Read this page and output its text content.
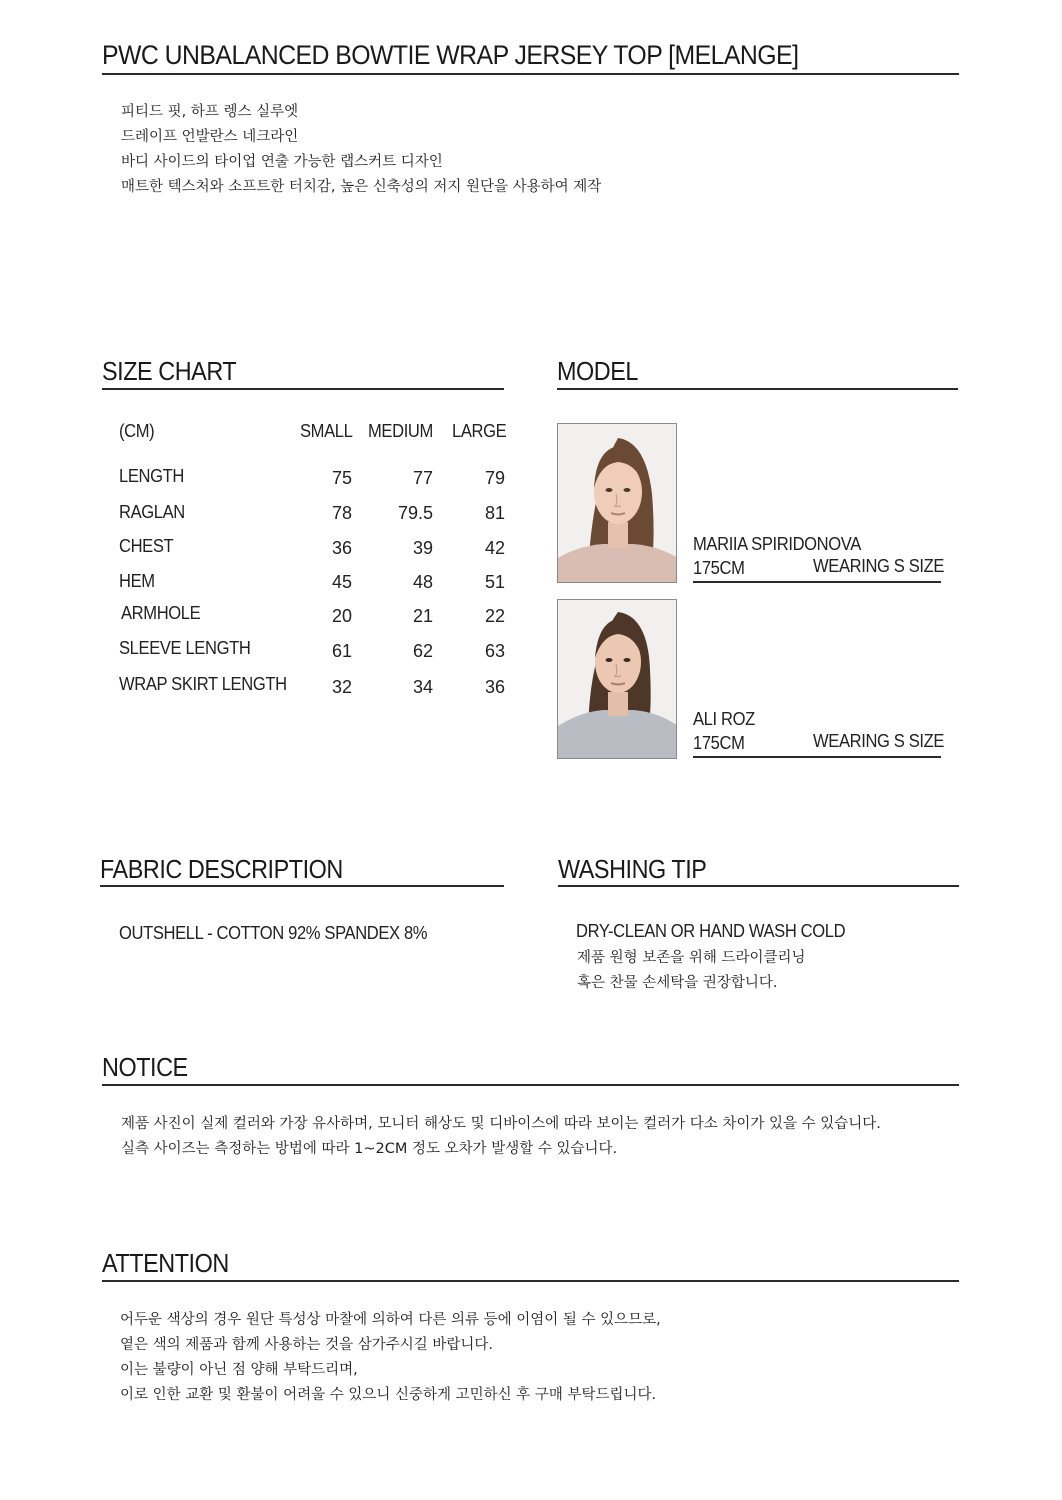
PWC UNBALANCED BOWTIE WRAP JERSEY TOP [MELANGE]
피티드 핏, 하프 렝스 실루엣
드레이프 언발란스 네크라인
바디 사이드의 타이업 연출 가능한 랩스커트 디자인
매트한 텍스처와 소프트한 터치감, 높은 신축성의 저지 원단을 사용하여 제작
SIZE CHART
(CM)	SMALL MEDIUM LARGE
LENGTH	75	77	79
RAGLAN	78	79.5	81
CHEST	36	39	42
HEM	45	48	51
ARMHOLE	20	21	22
SLEEVE LENGTH	61	62	63
WRAP SKIRT LENGTH	32	34	36
MODEL
MARIIA SPIRIDONOVA
175CM	WEARING S SIZE
ALI ROZ
175CM	WEARING S SIZE
FABRIC DESCRIPTION
OUTSHELL - COTTON 92% SPANDEX 8%
WASHING TIP
DRY-CLEAN OR HAND WASH COLD
제품 원형 보존을 위해 드라이클리닝
혹은 찬물 손세탁을 권장합니다.
NOTICE
제품 사진이 실제 컬러와 가장 유사하며, 모니터 해상도 및 디바이스에 따라 보이는 컬러가 다소 차이가 있을 수 있습니다.
실측 사이즈는 측정하는 방법에 따라 1~2CM 정도 오차가 발생할 수 있습니다.
ATTENTION
어두운 색상의 경우 원단 특성상 마찰에 의하여 다른 의류 등에 이염이 될 수 있으므로,
옅은 색의 제품과 함께 사용하는 것을 삼가주시길 바랍니다.
이는 불량이 아닌 점 양해 부탁드리며,
이로 인한 교환 및 환불이 어려울 수 있으니 신중하게 고민하신 후 구매 부탁드립니다.
